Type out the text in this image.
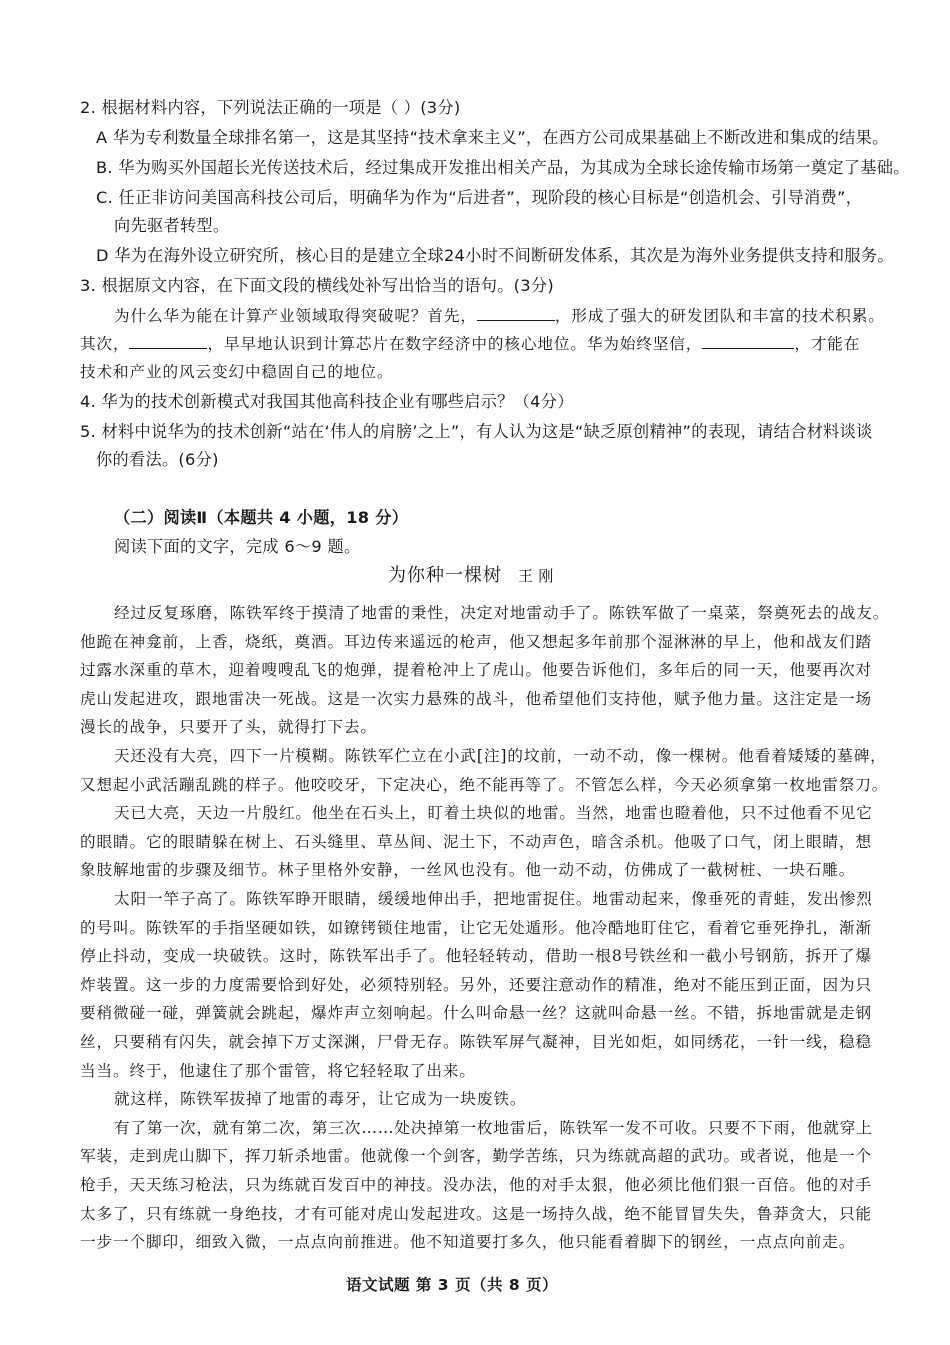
2. 根据材料内容，下列说法正确的一项是（ ）(3分)
A 华为专利数量全球排名第一，这是其坚持“技术拿来主义”，在西方公司成果基础上不断改进和集成的结果。
B. 华为购买外国超长光传送技术后，经过集成开发推出相关产品，为其成为全球长途传输市场第一奠定了基础。
C. 任正非访问美国高科技公司后，明确华为作为“后进者”，现阶段的核心目标是“创造机会、引导消费”，
向先驱者转型。
D 华为在海外设立研究所，核心目的是建立全球24小时不间断研发体系，其次是为海外业务提供支持和服务。
3. 根据原文内容，在下面文段的横线处补写出恰当的语句。(3分)
为什么华为能在计算产业领域取得突破呢？首先，	，形成了强大的研发团队和丰富的技术积累。
其次，	，早早地认识到计算芯片在数字经济中的核心地位。华为始终坚信，	，才能在
技术和产业的风云变幻中稳固自己的地位。
4. 华为的技术创新模式对我国其他高科技企业有哪些启示？（4分）
5. 材料中说华为的技术创新“站在‘伟人的肩膀’之上”，有人认为这是“缺乏原创精神”的表现，请结合材料谈谈
你的看法。(6分)
（二）阅读Ⅱ（本题共 4 小题，18 分）
阅读下面的文字，完成 6～9 题。
为你种一棵树 王 刚
经过反复琢磨，陈铁军终于摸清了地雷的秉性，决定对地雷动手了。陈铁军做了一桌菜，祭奠死去的战友。
他跪在神龛前，上香，烧纸，奠酒。耳边传来遥远的枪声，他又想起多年前那个湿淋淋的早上，他和战友们踏
过露水深重的草木，迎着嗖嗖乱飞的炮弹，提着枪冲上了虎山。他要告诉他们，多年后的同一天，他要再次对
虎山发起进攻，跟地雷决一死战。这是一次实力悬殊的战斗，他希望他们支持他，赋予他力量。这注定是一场
漫长的战争，只要开了头，就得打下去。
天还没有大亮，四下一片模糊。陈铁军伫立在小武[注]的坟前，一动不动，像一棵树。他看着矮矮的墓碑，
又想起小武活蹦乱跳的样子。他咬咬牙，下定决心，绝不能再等了。不管怎么样，今天必须拿第一枚地雷祭刀。
天已大亮，天边一片殷红。他坐在石头上，盯着土块似的地雷。当然，地雷也瞪着他，只不过他看不见它
的眼睛。它的眼睛躲在树上、石头缝里、草丛间、泥土下，不动声色，暗含杀机。他吸了口气，闭上眼睛，想
象肢解地雷的步骤及细节。林子里格外安静，一丝风也没有。他一动不动，仿佛成了一截树桩、一块石雕。
太阳一竿子高了。陈铁军睁开眼睛，缓缓地伸出手，把地雷捉住。地雷动起来，像垂死的青蛙，发出惨烈
的号叫。陈铁军的手指坚硬如铁，如镣铐锁住地雷，让它无处遁形。他冷酷地盯住它，看着它垂死挣扎，渐渐
停止抖动，变成一块破铁。这时，陈铁军出手了。他轻轻转动，借助一根8号铁丝和一截小号钢筋，拆开了爆
炸装置。这一步的力度需要恰到好处，必须特别轻。另外，还要注意动作的精准，绝对不能压到正面，因为只
要稍微碰一碰，弹簧就会跳起，爆炸声立刻响起。什么叫命悬一丝？这就叫命悬一丝。不错，拆地雷就是走钢
丝，只要稍有闪失，就会掉下万丈深渊，尸骨无存。陈铁军屏气凝神，目光如炬，如同绣花，一针一线，稳稳
当当。终于，他逮住了那个雷管，将它轻轻取了出来。
就这样，陈铁军拔掉了地雷的毒牙，让它成为一块废铁。
有了第一次，就有第二次，第三次……处决掉第一枚地雷后，陈铁军一发不可收。只要不下雨，他就穿上
军装，走到虎山脚下，挥刀斩杀地雷。他就像一个剑客，勤学苦练，只为练就高超的武功。或者说，他是一个
枪手，天天练习枪法，只为练就百发百中的神技。没办法，他的对手太狠，他必须比他们狠一百倍。他的对手
太多了，只有练就一身绝技，才有可能对虎山发起进攻。这是一场持久战，绝不能冒冒失失，鲁莽贪大，只能
一步一个脚印，细致入微，一点点向前推进。他不知道要打多久，他只能看着脚下的钢丝，一点点向前走。
语文试题 第 3 页（共 8 页）
